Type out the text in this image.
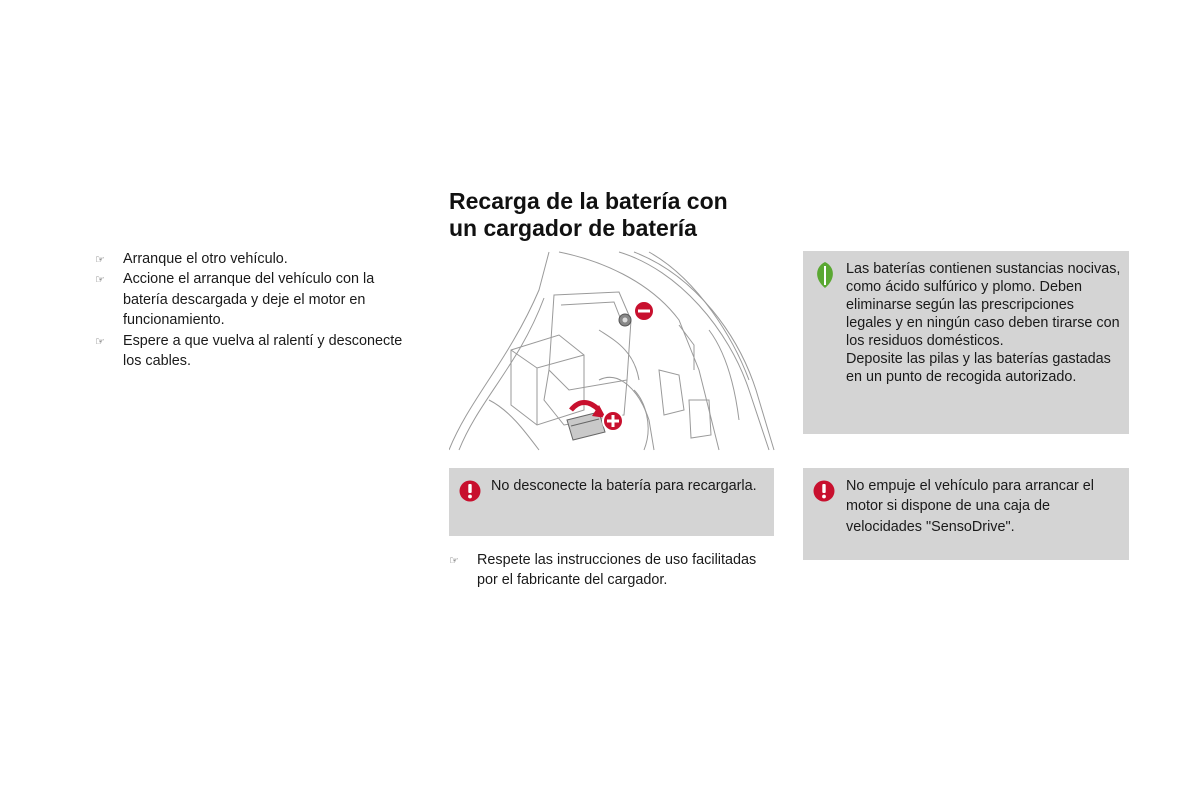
☞ Arranque el otro vehículo.
☞ Accione el arranque del vehículo con la batería descargada y deje el motor en funcionamiento.
☞ Espere a que vuelva al ralentí y desconecte los cables.
Recarga de la batería con
un cargador de batería
No desconecte la batería para recargarla.
☞ Respete las instrucciones de uso facilitadas por el fabricante del cargador.
Las baterías contienen sustancias nocivas, como ácido sulfúrico y plomo. Deben eliminarse según las prescripciones legales y en ningún caso deben tirarse con los residuos domésticos.
Deposite las pilas y las baterías gastadas en un punto de recogida autorizado.
No empuje el vehículo para arrancar el motor si dispone de una caja de velocidades "SensoDrive".
